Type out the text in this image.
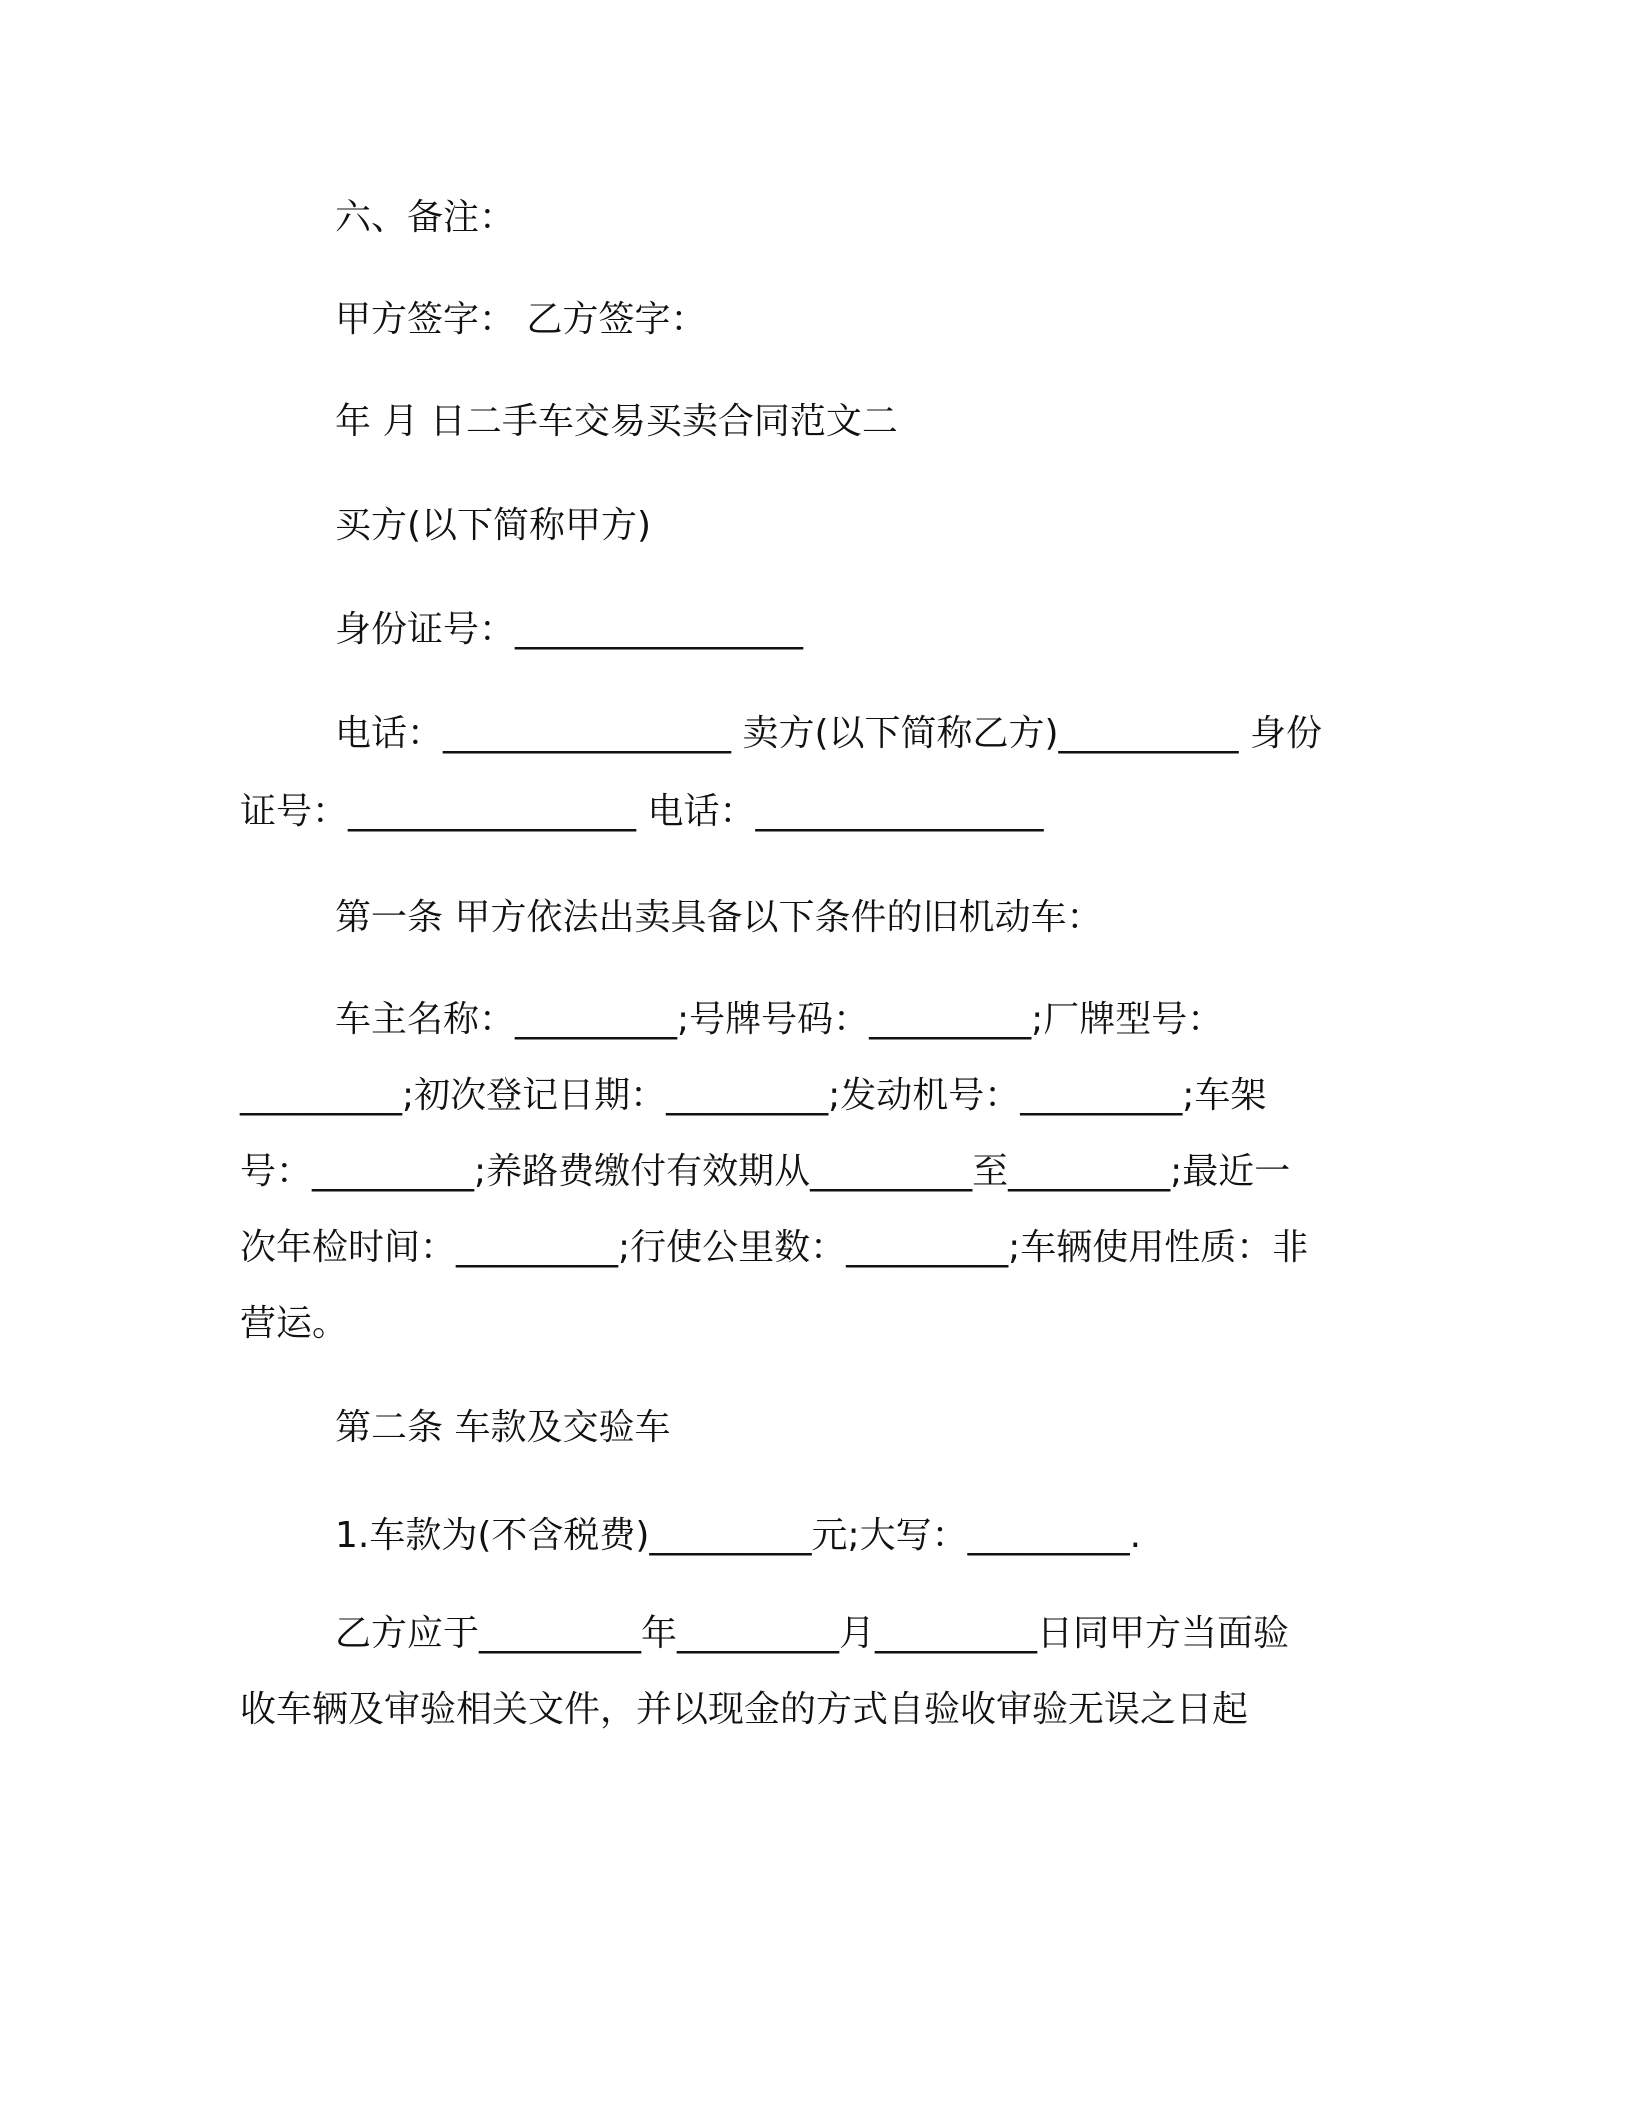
六、备注：
甲方签字： 乙方签字：
年 月 日二手车交易买卖合同范文二
买方(以下简称甲方)
身份证号：________________
电话：________________ 卖方(以下简称乙方)__________ 身份
证号：________________ 电话：________________
第一条 甲方依法出卖具备以下条件的旧机动车：
车主名称：_________;号牌号码：_________;厂牌型号：
_________;初次登记日期：_________;发动机号：_________;车架
号：_________;养路费缴付有效期从_________至_________;最近一
次年检时间：_________;行使公里数：_________;车辆使用性质：非
营运。
第二条 车款及交验车
1.车款为(不含税费)_________元;大写：_________.
乙方应于_________年_________月_________日同甲方当面验
收车辆及审验相关文件，并以现金的方式自验收审验无误之日起
